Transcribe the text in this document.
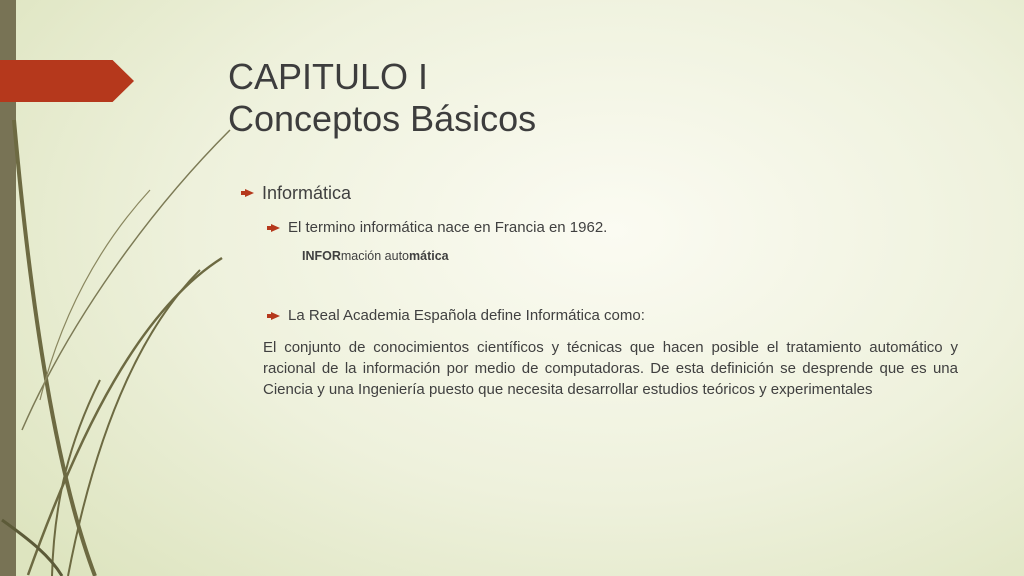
CAPITULO I
Conceptos Básicos
Informática
El termino informática nace en Francia en 1962.
INFORmación automática
La Real Academia Española define Informática como:

El conjunto de conocimientos científicos y técnicas que hacen posible el tratamiento automático y racional de la información por medio de computadoras. De esta definición se desprende que es una Ciencia y una Ingeniería puesto que necesita desarrollar estudios teóricos y experimentales
